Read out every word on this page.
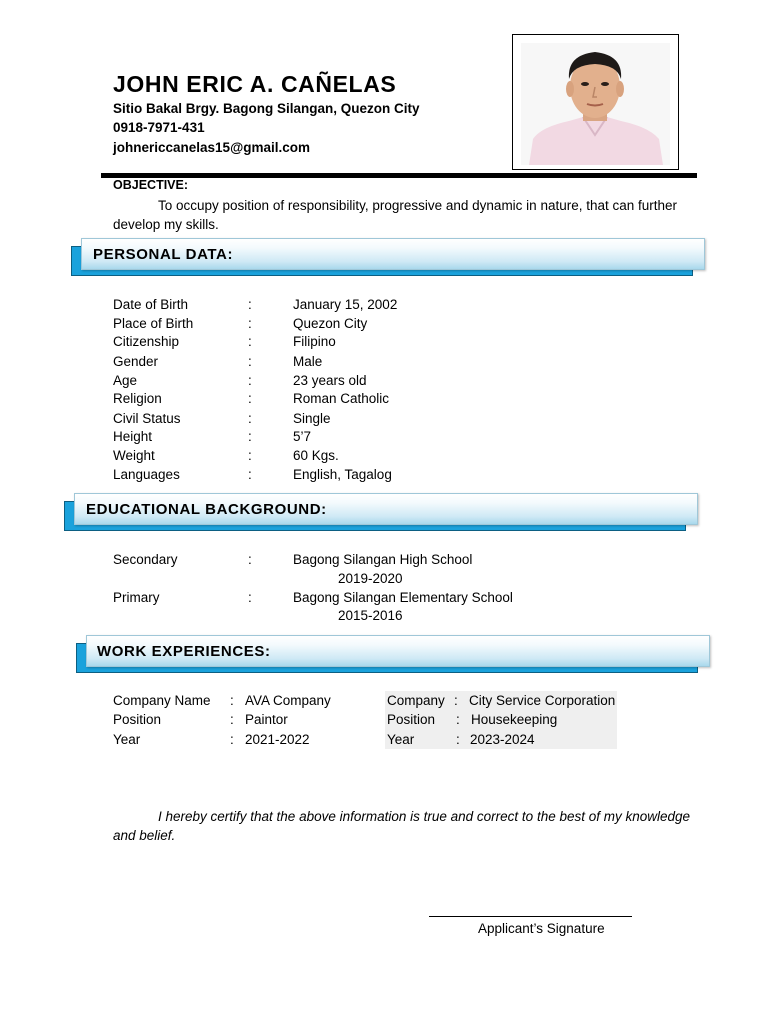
JOHN ERIC A. CAÑELAS
Sitio Bakal Brgy. Bagong Silangan, Quezon City
0918-7971-431
johnericcanelas15@gmail.com
OBJECTIVE:
To occupy position of responsibility, progressive and dynamic in nature, that can further develop my skills.
PERSONAL DATA:
Date of Birth	:	January 15, 2002
Place of Birth	:	Quezon City
Citizenship	:	Filipino
Gender	:	Male
Age	:	23 years old
Religion	:	Roman Catholic
Civil Status	:	Single
Height	:	5’7
Weight	:	60 Kgs.
Languages	:	English, Tagalog
EDUCATIONAL BACKGROUND:
Secondary	:	Bagong Silangan High School
2019-2020
Primary	:	Bagong Silangan Elementary School
2015-2016
WORK EXPERIENCES:
Company Name : AVA Company
Position	: Paintor
Year	: 2021-2022
Company : City Service Corporation
Position : Housekeeping
Year	: 2023-2024
I hereby certify that the above information is true and correct to the best of my knowledge and belief.
Applicant’s Signature
